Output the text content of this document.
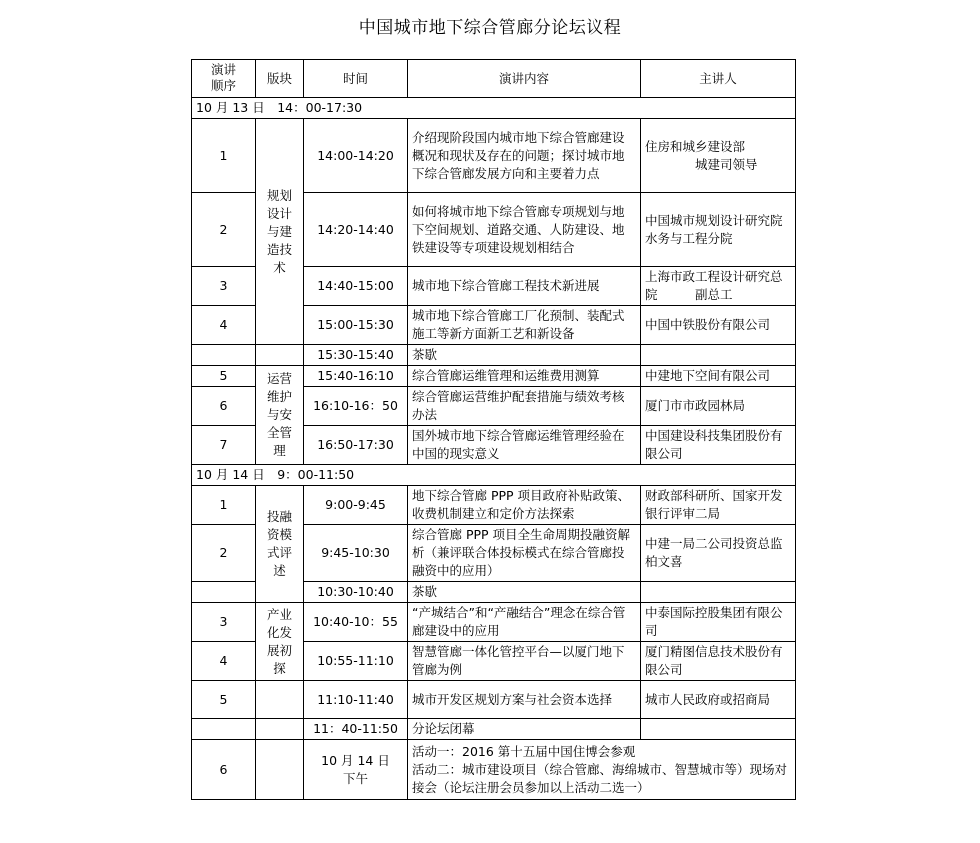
中国城市地下综合管廊分论坛议程
演讲顺序	版块	时间	演讲内容	主讲人
10 月 13 日　14：00-17:30				
1	规划设计与建造技术	14:00-14:20	介绍现阶段国内城市地下综合管廊建设概况和现状及存在的问题；探讨城市地下综合管廊发展方向和主要着力点	住房和城乡建设部
　　　　城建司领导
2		14:20-14:40	如何将城市地下综合管廊专项规划与地下空间规划、道路交通、人防建设、地铁建设等专项建设规划相结合	中国城市规划设计研究院水务与工程分院
3		14:40-15:00	城市地下综合管廊工程技术新进展	上海市政工程设计研究总院　　　副总工
4		15:00-15:30	城市地下综合管廊工厂化预制、装配式施工等新方面新工艺和新设备	中国中铁股份有限公司
		15:30-15:40	茶歇	
5	运营维护与安全管理	15:40-16:10	综合管廊运维管理和运维费用测算	中建地下空间有限公司
6		16:10-16：50	综合管廊运营维护配套措施与绩效考核办法	厦门市市政园林局
7		16:50-17:30	国外城市地下综合管廊运维管理经验在中国的现实意义	中国建设科技集团股份有限公司
10 月 14 日　9：00-11:50				
1	投融资模式评述	9:00-9:45	地下综合管廊 PPP 项目政府补贴政策、收费机制建立和定价方法探索	财政部科研所、国家开发银行评审二局
2		9:45-10:30	综合管廊 PPP 项目全生命周期投融资解析（兼评联合体投标模式在综合管廊投融资中的应用）	中建一局二公司投资总监柏文喜
		10:30-10:40	茶歇	
3	产业化发展初探	10:40-10：55	“产城结合”和“产融结合”理念在综合管廊建设中的应用	中泰国际控股集团有限公司
4		10:55-11:10	智慧管廊一体化管控平台—以厦门地下管廊为例	厦门精图信息技术股份有限公司
5		11:10-11:40	城市开发区规划方案与社会资本选择	城市人民政府或招商局
		11：40-11:50	分论坛闭幕	
6		10 月 14 日
下午	活动一：2016 第十五届中国住博会参观
活动二：城市建设项目（综合管廊、海绵城市、智慧城市等）现场对接会（论坛注册会员参加以上活动二选一）	
